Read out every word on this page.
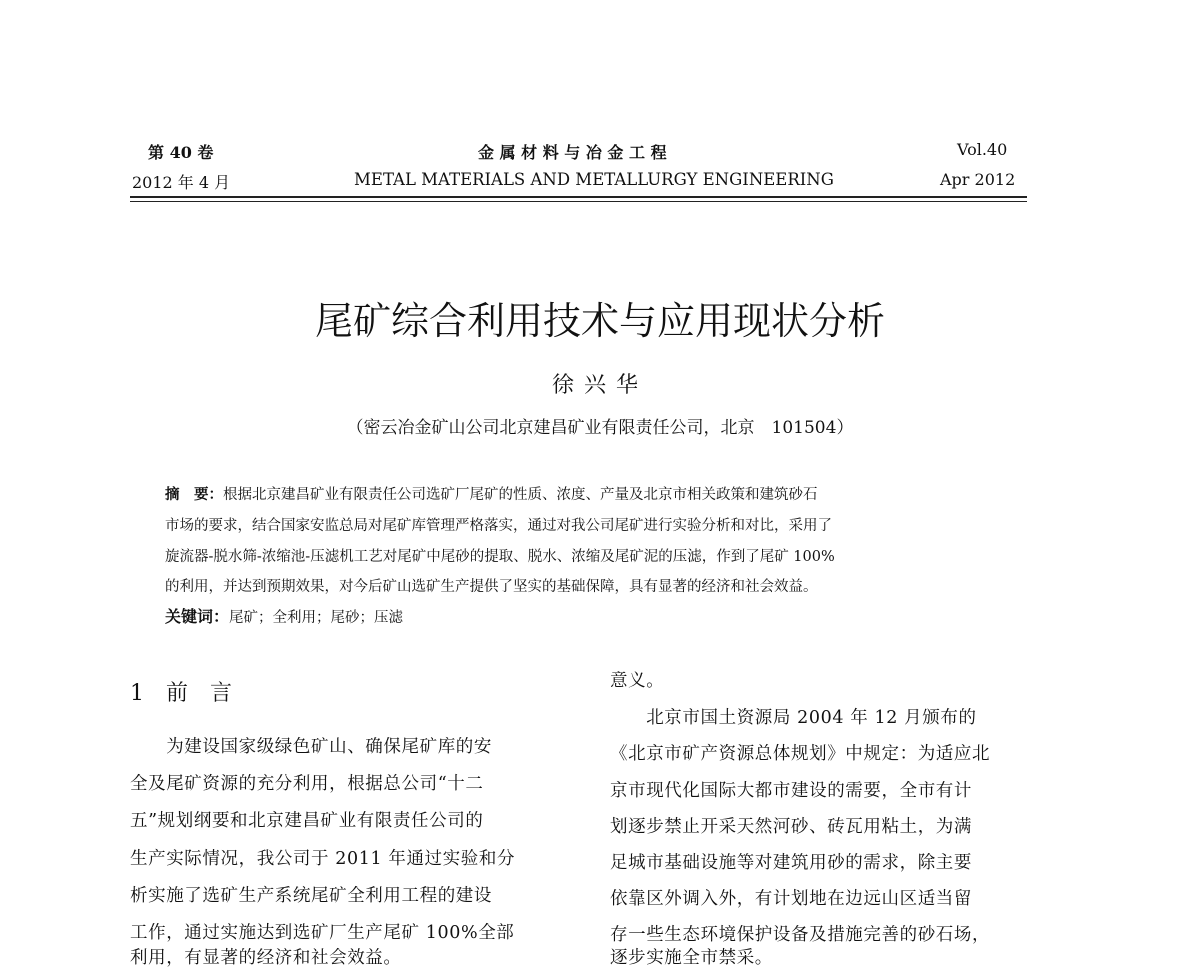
第 40 卷
2012 年 4 月
金 属 材 料 与 冶 金 工 程
METAL MATERIALS AND METALLURGY ENGINEERING
Vol.40
Apr 2012
尾矿综合利用技术与应用现状分析
徐兴华
（密云冶金矿山公司北京建昌矿业有限责任公司，北京　101504）
摘　要：根据北京建昌矿业有限责任公司选矿厂尾矿的性质、浓度、产量及北京市相关政策和建筑砂石
市场的要求，结合国家安监总局对尾矿库管理严格落实，通过对我公司尾矿进行实验分析和对比，采用了
旋流器-脱水筛-浓缩池-压滤机工艺对尾矿中尾砂的提取、脱水、浓缩及尾矿泥的压滤，作到了尾矿 100%
的利用，并达到预期效果，对今后矿山选矿生产提供了坚实的基础保障，具有显著的经济和社会效益。
关键词：尾矿；全利用；尾砂；压滤
1　前　言
　　为建设国家级绿色矿山、确保尾矿库的安
全及尾矿资源的充分利用，根据总公司“十二
五”规划纲要和北京建昌矿业有限责任公司的
生产实际情况，我公司于 2011 年通过实验和分
析实施了选矿生产系统尾矿全利用工程的建设
工作，通过实施达到选矿厂生产尾矿 100%全部
利用，有显著的经济和社会效益。
意义。
　　北京市国土资源局 2004 年 12 月颁布的
《北京市矿产资源总体规划》中规定：为适应北
京市现代化国际大都市建设的需要，全市有计
划逐步禁止开采天然河砂、砖瓦用粘土，为满
足城市基础设施等对建筑用砂的需求，除主要
依靠区外调入外，有计划地在边远山区适当留
存一些生态环境保护设备及措施完善的砂石场，
逐步实施全市禁采。
